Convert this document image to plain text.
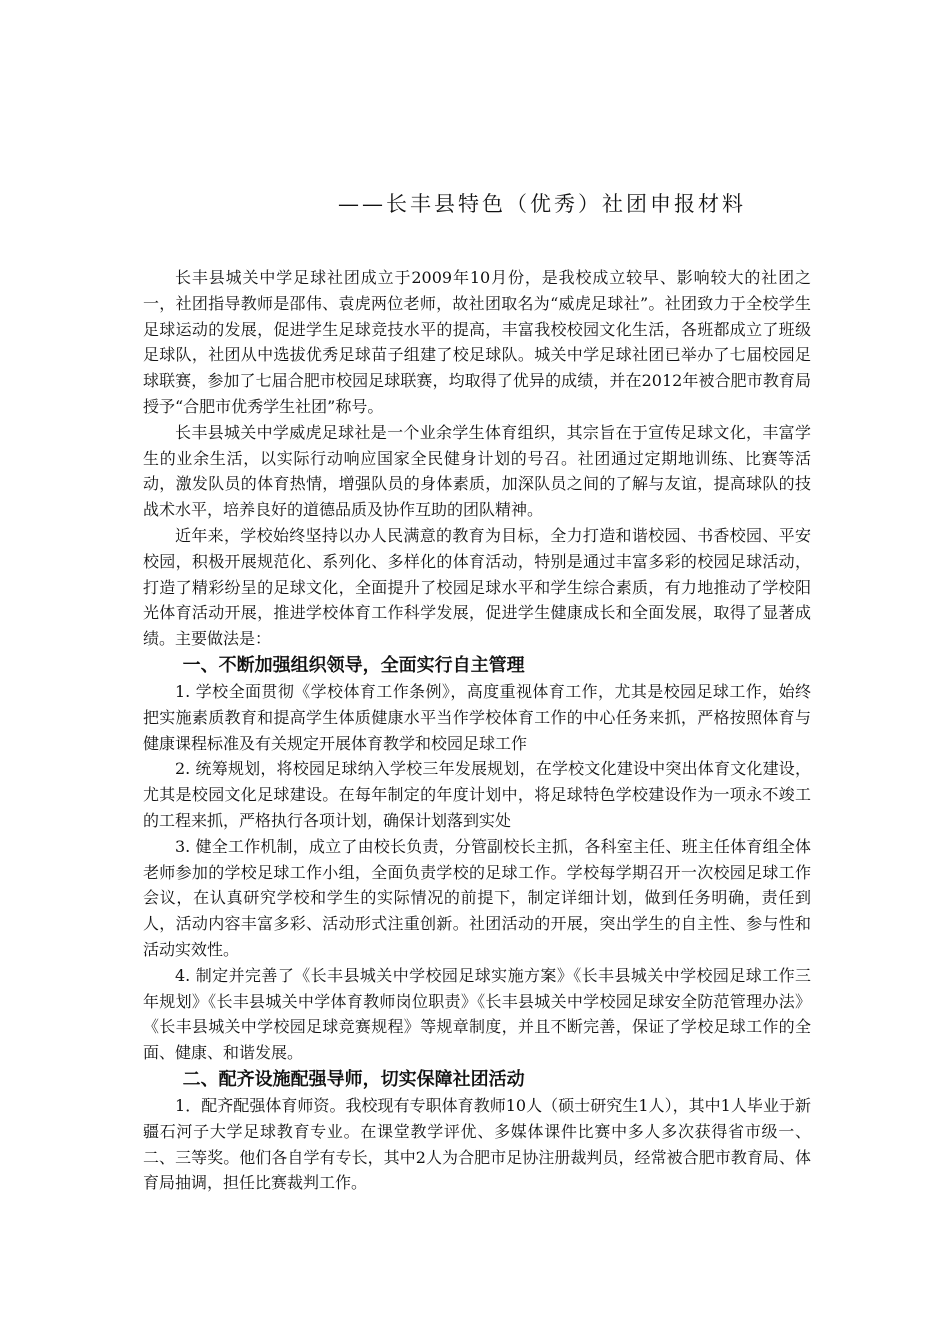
——长丰县特色（优秀）社团申报材料

长丰县城关中学足球社团成立于2009年10月份，是我校成立较早、影响较大的社团之一，社团指导教师是邵伟、袁虎两位老师，故社团取名为“威虎足球社”。社团致力于全校学生足球运动的发展，促进学生足球竞技水平的提高，丰富我校校园文化生活，各班都成立了班级足球队，社团从中选拔优秀足球苗子组建了校足球队。城关中学足球社团已举办了七届校园足球联赛，参加了七届合肥市校园足球联赛，均取得了优异的成绩，并在2012年被合肥市教育局授予“合肥市优秀学生社团”称号。

长丰县城关中学威虎足球社是一个业余学生体育组织，其宗旨在于宣传足球文化，丰富学生的业余生活，以实际行动响应国家全民健身计划的号召。社团通过定期地训练、比赛等活动，激发队员的体育热情，增强队员的身体素质，加深队员之间的了解与友谊，提高球队的技战术水平，培养良好的道德品质及协作互助的团队精神。

近年来，学校始终坚持以办人民满意的教育为目标，全力打造和谐校园、书香校园、平安校园，积极开展规范化、系列化、多样化的体育活动，特别是通过丰富多彩的校园足球活动，打造了精彩纷呈的足球文化，全面提升了校园足球水平和学生综合素质，有力地推动了学校阳光体育活动开展，推进学校体育工作科学发展，促进学生健康成长和全面发展，取得了显著成绩。主要做法是：

一、不断加强组织领导，全面实行自主管理

1. 学校全面贯彻《学校体育工作条例》，高度重视体育工作，尤其是校园足球工作，始终把实施素质教育和提高学生体质健康水平当作学校体育工作的中心任务来抓，严格按照体育与健康课程标准及有关规定开展体育教学和校园足球工作

2. 统筹规划，将校园足球纳入学校三年发展规划，在学校文化建设中突出体育文化建设，尤其是校园文化足球建设。在每年制定的年度计划中，将足球特色学校建设作为一项永不竣工的工程来抓，严格执行各项计划，确保计划落到实处

3. 健全工作机制，成立了由校长负责，分管副校长主抓，各科室主任、班主任体育组全体老师参加的学校足球工作小组，全面负责学校的足球工作。学校每学期召开一次校园足球工作会议，在认真研究学校和学生的实际情况的前提下，制定详细计划，做到任务明确，责任到人，活动内容丰富多彩、活动形式注重创新。社团活动的开展，突出学生的自主性、参与性和活动实效性。

4. 制定并完善了《长丰县城关中学校园足球实施方案》《长丰县城关中学校园足球工作三年规划》《长丰县城关中学体育教师岗位职责》《长丰县城关中学校园足球安全防范管理办法》《长丰县城关中学校园足球竞赛规程》等规章制度，并且不断完善，保证了学校足球工作的全面、健康、和谐发展。

二、配齐设施配强导师，切实保障社团活动

1．配齐配强体育师资。我校现有专职体育教师10人（硕士研究生1人），其中1人毕业于新疆石河子大学足球教育专业。在课堂教学评优、多媒体课件比赛中多人多次获得省市级一、二、三等奖。他们各自学有专长，其中2人为合肥市足协注册裁判员，经常被合肥市教育局、体育局抽调，担任比赛裁判工作。
